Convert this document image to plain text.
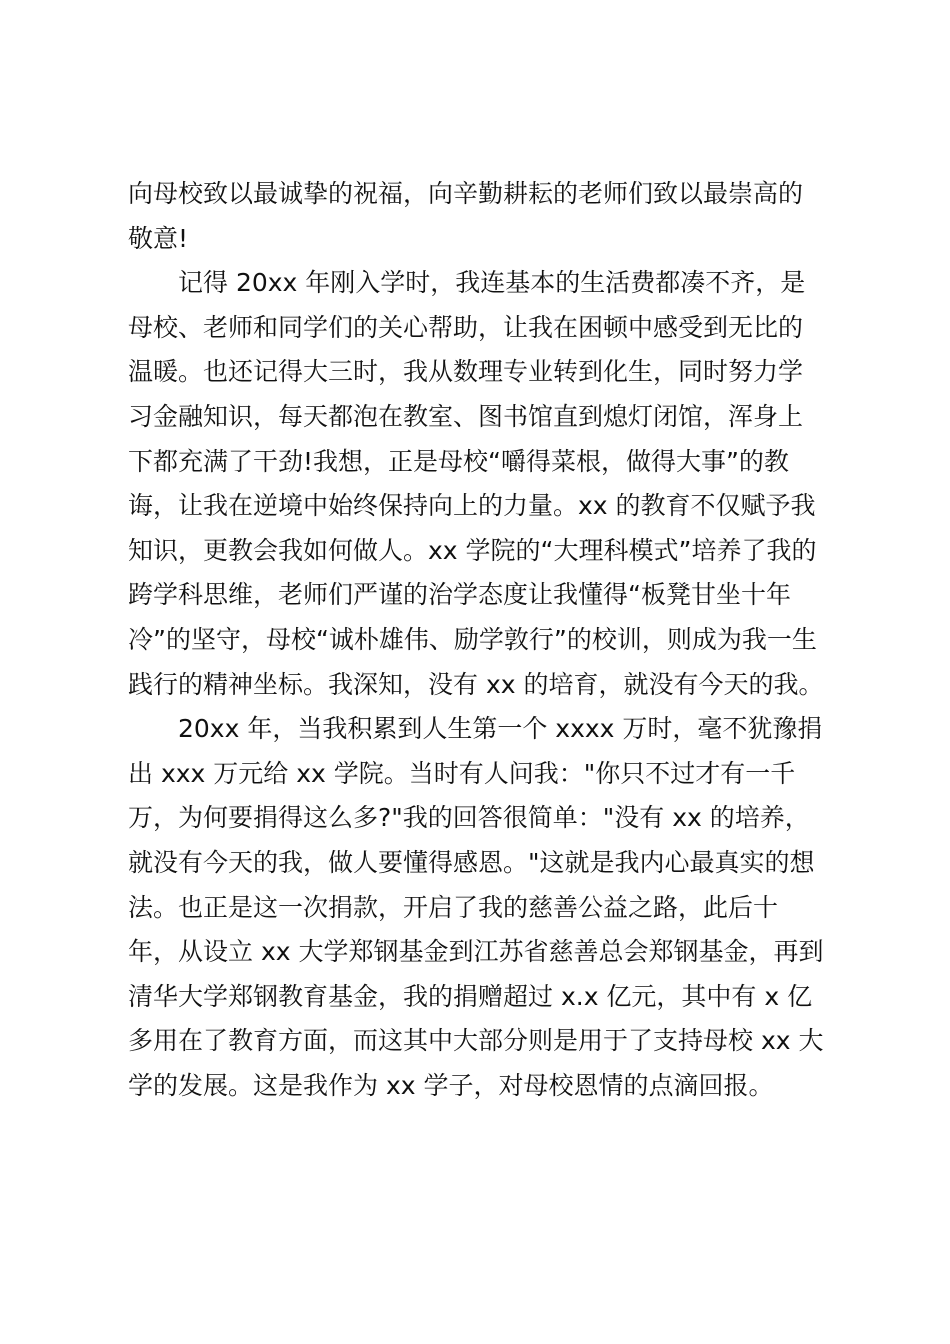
向母校致以最诚挚的祝福，向辛勤耕耘的老师们致以最崇高的
敬意!
记得 20xx 年刚入学时，我连基本的生活费都凑不齐，是
母校、老师和同学们的关心帮助，让我在困顿中感受到无比的
温暖。也还记得大三时，我从数理专业转到化生，同时努力学
习金融知识，每天都泡在教室、图书馆直到熄灯闭馆，浑身上
下都充满了干劲!我想，正是母校“嚼得菜根，做得大事”的教
诲，让我在逆境中始终保持向上的力量。xx 的教育不仅赋予我
知识，更教会我如何做人。xx 学院的“大理科模式”培养了我的
跨学科思维，老师们严谨的治学态度让我懂得“板凳甘坐十年
冷”的坚守，母校“诚朴雄伟、励学敦行”的校训，则成为我一生
践行的精神坐标。我深知，没有 xx 的培育，就没有今天的我。
20xx 年，当我积累到人生第一个 xxxx 万时，毫不犹豫捐
出 xxx 万元给 xx 学院。当时有人问我："你只不过才有一千
万，为何要捐得这么多?"我的回答很简单："没有 xx 的培养，
就没有今天的我，做人要懂得感恩。"这就是我内心最真实的想
法。也正是这一次捐款，开启了我的慈善公益之路，此后十
年，从设立 xx 大学郑钢基金到江苏省慈善总会郑钢基金，再到
清华大学郑钢教育基金，我的捐赠超过 x.x 亿元，其中有 x 亿
多用在了教育方面，而这其中大部分则是用于了支持母校 xx 大
学的发展。这是我作为 xx 学子，对母校恩情的点滴回报。
